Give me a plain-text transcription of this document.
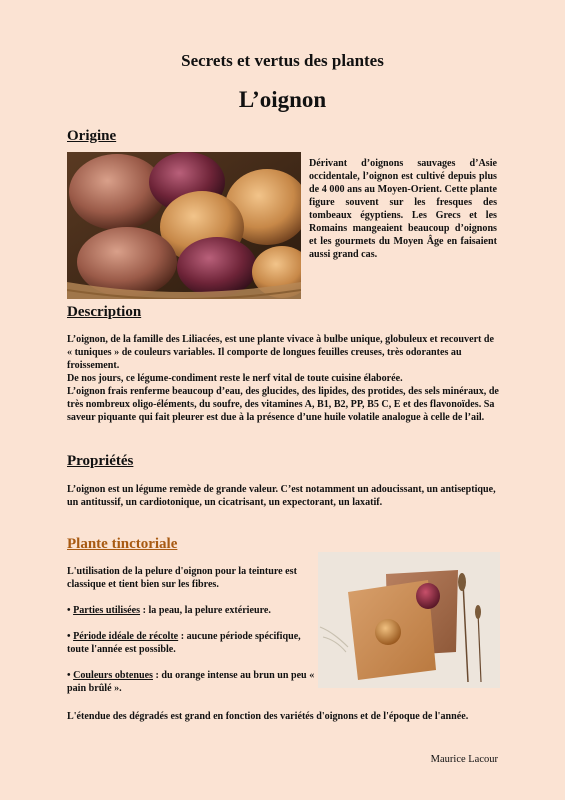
Secrets et vertus des plantes
L’oignon
Origine

Dérivant d’oignons sauvages d’Asie occidentale, l’oignon est cultivé depuis plus de 4 000 ans au Moyen-Orient. Cette plante figure souvent sur les fresques des tombeaux égyptiens. Les Grecs et les Romains mangeaient beaucoup d’oignons et les gourmets du Moyen Âge en faisaient aussi grand cas.

Description

L’oignon, de la famille des Liliacées, est une plante vivace à bulbe unique, globuleux et recouvert de « tuniques » de couleurs variables. Il comporte de longues feuilles creuses, très odorantes au froissement.

De nos jours, ce légume-condiment reste le nerf vital de toute cuisine élaborée.

L’oignon frais renferme beaucoup d’eau, des glucides, des lipides, des protides, des sels minéraux, de très nombreux oligo-éléments, du soufre, des vitamines A, B1, B2, PP, B5 C, E et des flavonoïdes. Sa saveur piquante qui fait pleurer est due à la présence d’une huile volatile analogue à celle de l’ail.

Propriétés

L’oignon est un légume remède de grande valeur. C’est notamment un adoucissant, un antiseptique, un antitussif, un cardiotonique, un cicatrisant, un expectorant, un laxatif.

Plante tinctoriale

L'utilisation de la pelure d'oignon pour la teinture est classique et tient bien sur les fibres.

• Parties utilisées : la peau, la pelure extérieure.

• Période idéale de récolte : aucune période spécifique, toute l'année est possible.

• Couleurs obtenues : du orange intense au brun un peu « pain brûlé ».

L'étendue des dégradés est grand en fonction des variétés d'oignons et de l'époque de l'année.

Maurice Lacour
